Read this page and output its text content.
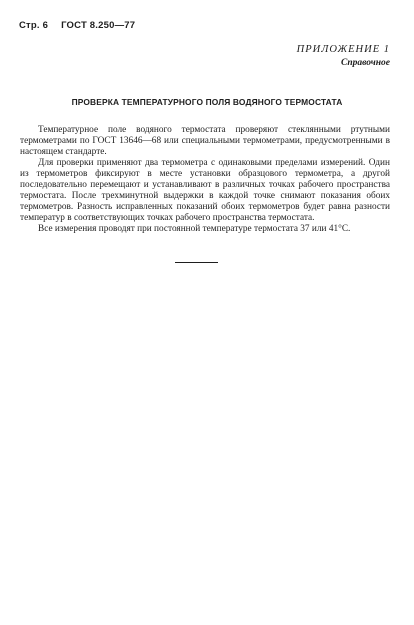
Стр. 6 ГОСТ 8.250—77
ПРИЛОЖЕНИЕ 1
Справочное
ПРОВЕРКА ТЕМПЕРАТУРНОГО ПОЛЯ ВОДЯНОГО ТЕРМОСТАТА

Температурное поле водяного термостата проверяют стеклянными ртутными термометрами по ГОСТ 13646—68 или специальными термометрами, предусмотренными в настоящем стандарте.

Для проверки применяют два термометра с одинаковыми пределами измерений. Один из термометров фиксируют в месте установки образцового термометра, а другой последовательно перемещают и устанавливают в различных точках рабочего пространства термостата. После трехминутной выдержки в каждой точке снимают показания обоих термометров. Разность исправленных показаний обоих термометров будет равна разности температур в соответствующих точках рабочего пространства термостата.

Все измерения проводят при постоянной температуре термостата 37 или 41°С.
